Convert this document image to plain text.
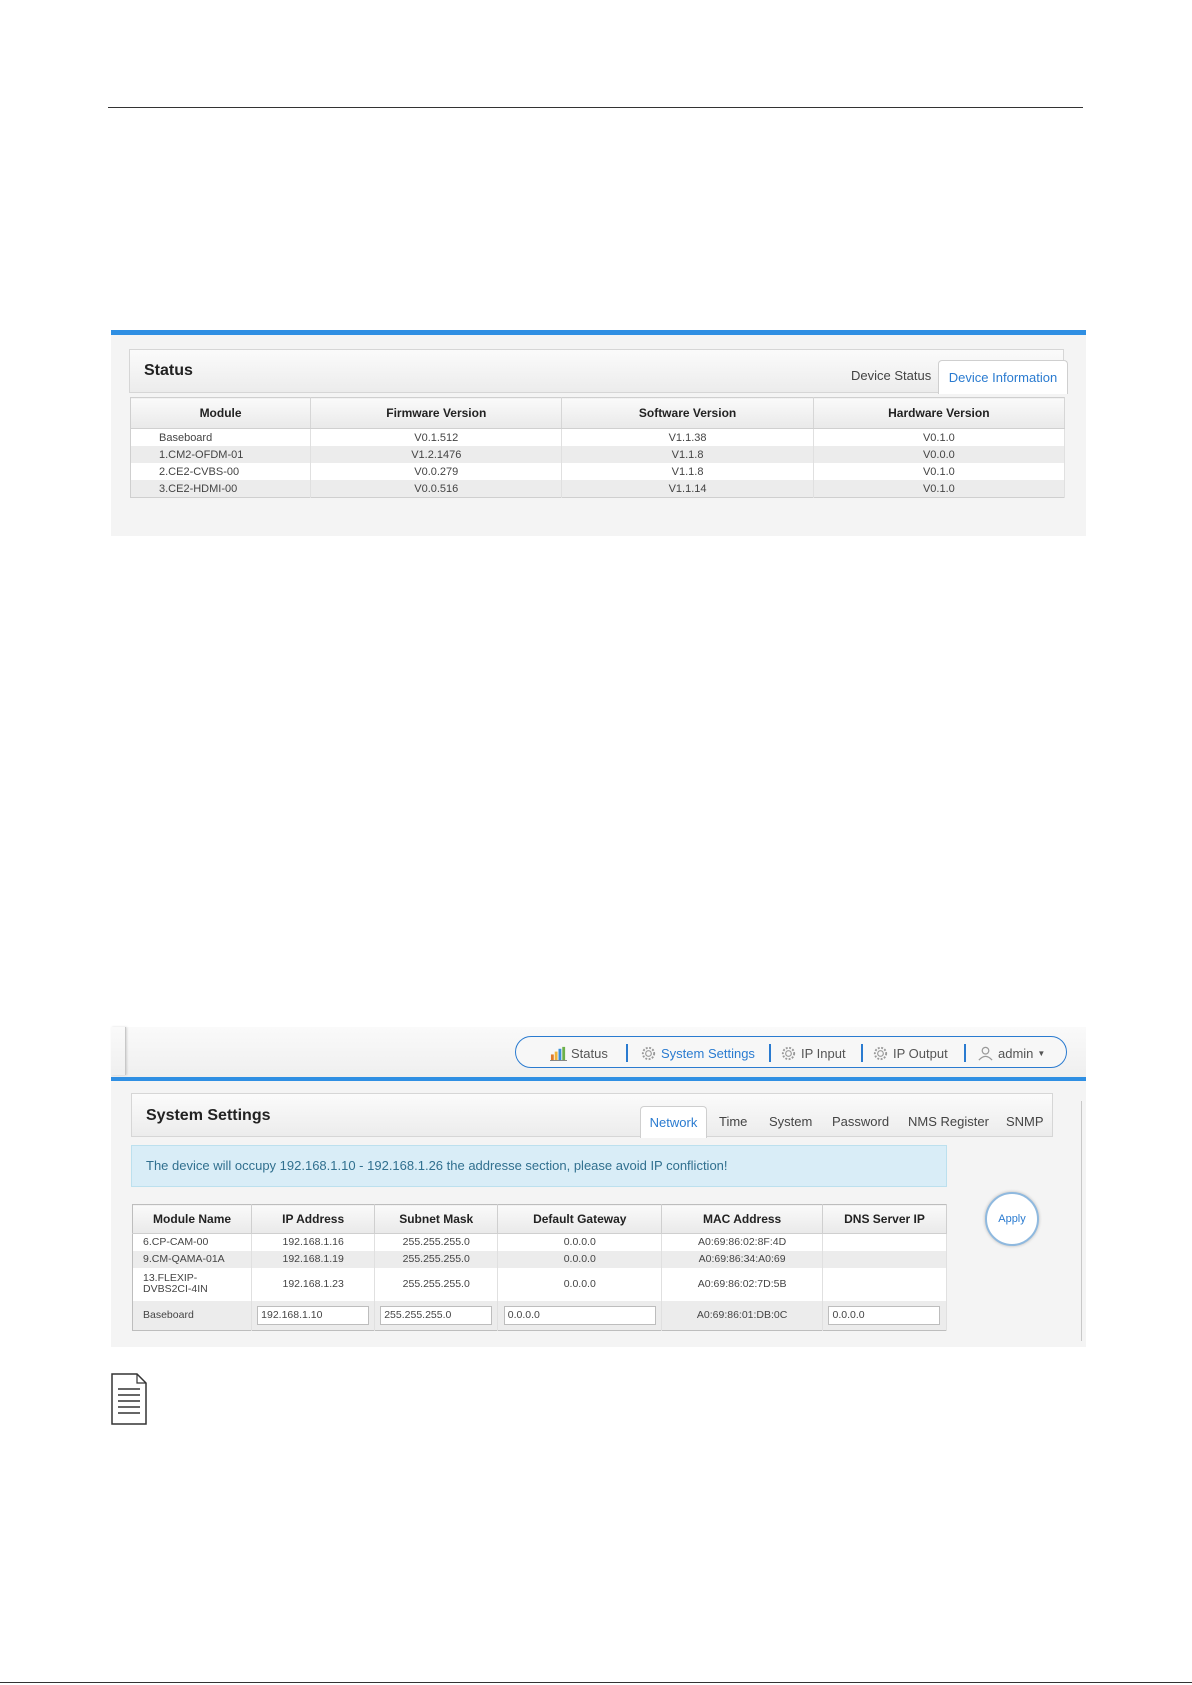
Status	Device Status	Device Information
Module	Firmware Version	Software Version	Hardware Version
Baseboard	V0.1.512	V1.1.38	V0.1.0
1.CM2-OFDM-01	V1.2.1476	V1.1.8	V0.0.0
2.CE2-CVBS-00	V0.0.279	V1.1.8	V0.1.0
3.CE2-HDMI-00	V0.0.516	V1.1.14	V0.1.0
Status	System Settings	IP Input	IP Output	admin ▼
System Settings	Network	Time System Password NMS Register SNMP
The device will occupy 192.168.1.10 - 192.168.1.26 the addresse section, please avoid IP confliction!
Module Name	IP Address	Subnet Mask	Default Gateway	MAC Address	DNS Server IP
6.CP-CAM-00	192.168.1.16	255.255.255.0	0.0.0.0	A0:69:86:02:8F:4D	
9.CM-QAMA-01A	192.168.1.19	255.255.255.0	0.0.0.0	A0:69:86:34:A0:69	
13.FLEXIP-
DVBS2CI-4IN	192.168.1.23	255.255.255.0	0.0.0.0	A0:69:86:02:7D:5B	
Baseboard	192.168.1.10	255.255.255.0	0.0.0.0	A0:69:86:01:DB:0C	0.0.0.0
Apply
